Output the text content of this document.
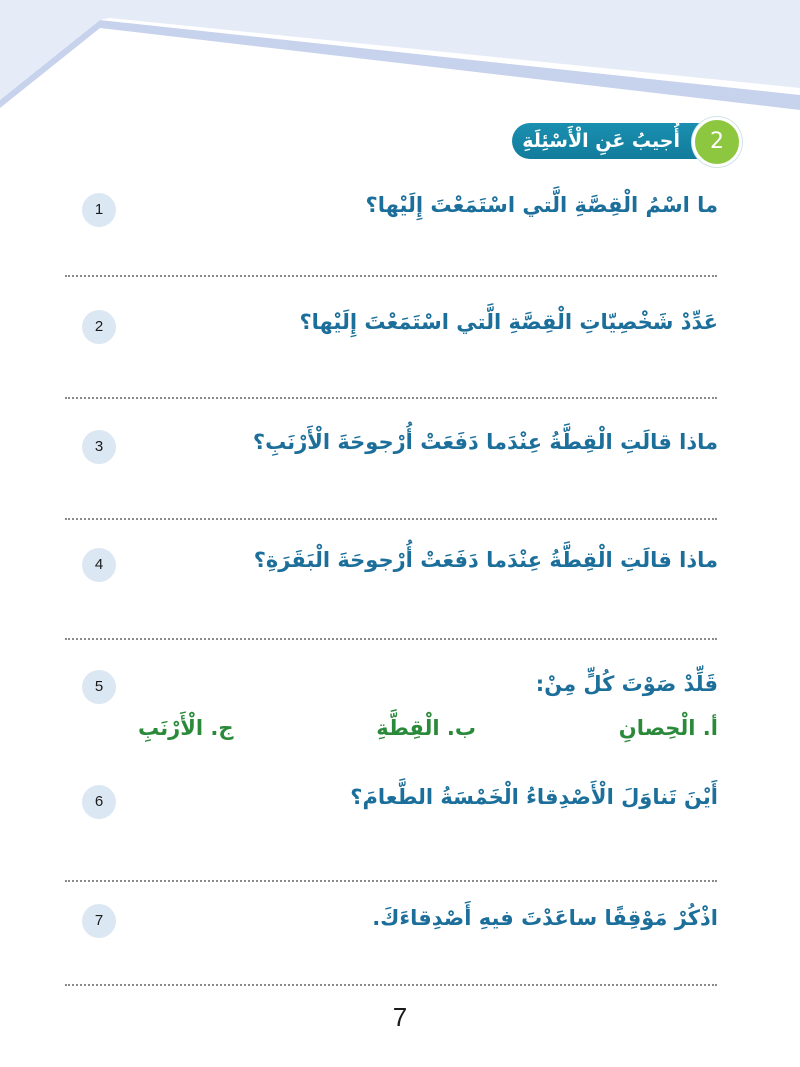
أُجيبُ عَنِ الْأَسْئِلَةِ	2
1	ما اسْمُ الْقِصَّةِ الَّتي اسْتَمَعْتَ إِلَيْها؟
2	عَدِّدْ شَخْصِيّاتِ الْقِصَّةِ الَّتي اسْتَمَعْتَ إِلَيْها؟
3	ماذا قالَتِ الْقِطَّةُ عِنْدَما دَفَعَتْ أُرْجوحَةَ الْأَرْنَبِ؟
4	ماذا قالَتِ الْقِطَّةُ عِنْدَما دَفَعَتْ أُرْجوحَةَ الْبَقَرَةِ؟
5	قَلِّدْ صَوْتَ كُلٍّ مِنْ:
أ. الْحِصانِ
ب. الْقِطَّةِ
ج. الْأَرْنَبِ
6	أَيْنَ تَناوَلَ الْأَصْدِقاءُ الْخَمْسَةُ الطَّعامَ؟
7	اذْكُرْ مَوْقِفًا ساعَدْتَ فيهِ أَصْدِقاءَكَ.
7
